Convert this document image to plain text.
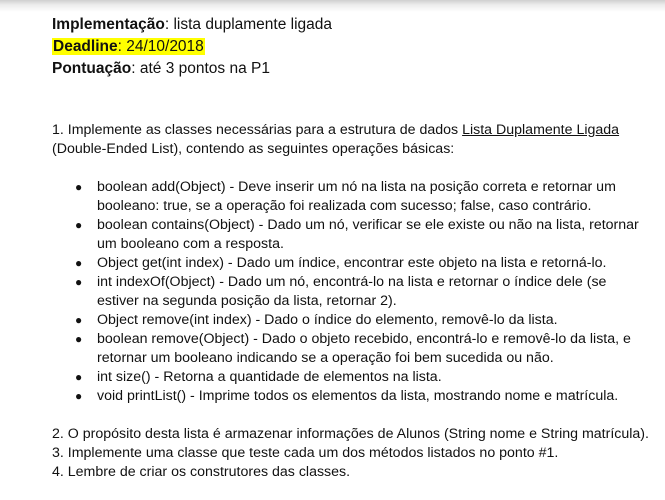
Implementação: lista duplamente ligada
Deadline: 24/10/2018
Pontuação: até 3 pontos na P1

1. Implemente as classes necessárias para a estrutura de dados Lista Duplamente Ligada (Double-Ended List), contendo as seguintes operações básicas:

● boolean add(Object) - Deve inserir um nó na lista na posição correta e retornar um booleano: true, se a operação foi realizada com sucesso; false, caso contrário.
● boolean contains(Object) - Dado um nó, verificar se ele existe ou não na lista, retornar um booleano com a resposta.
● Object get(int index) - Dado um índice, encontrar este objeto na lista e retorná-lo.
● int indexOf(Object) - Dado um nó, encontrá-lo na lista e retornar o índice dele (se estiver na segunda posição da lista, retornar 2).
● Object remove(int index) - Dado o índice do elemento, removê-lo da lista.
● boolean remove(Object) - Dado o objeto recebido, encontrá-lo e removê-lo da lista, e retornar um booleano indicando se a operação foi bem sucedida ou não.
● int size() - Retorna a quantidade de elementos na lista.
● void printList() - Imprime todos os elementos da lista, mostrando nome e matrícula.

2. O propósito desta lista é armazenar informações de Alunos (String nome e String matrícula).

3. Implemente uma classe que teste cada um dos métodos listados no ponto #1.

4. Lembre de criar os construtores das classes.
